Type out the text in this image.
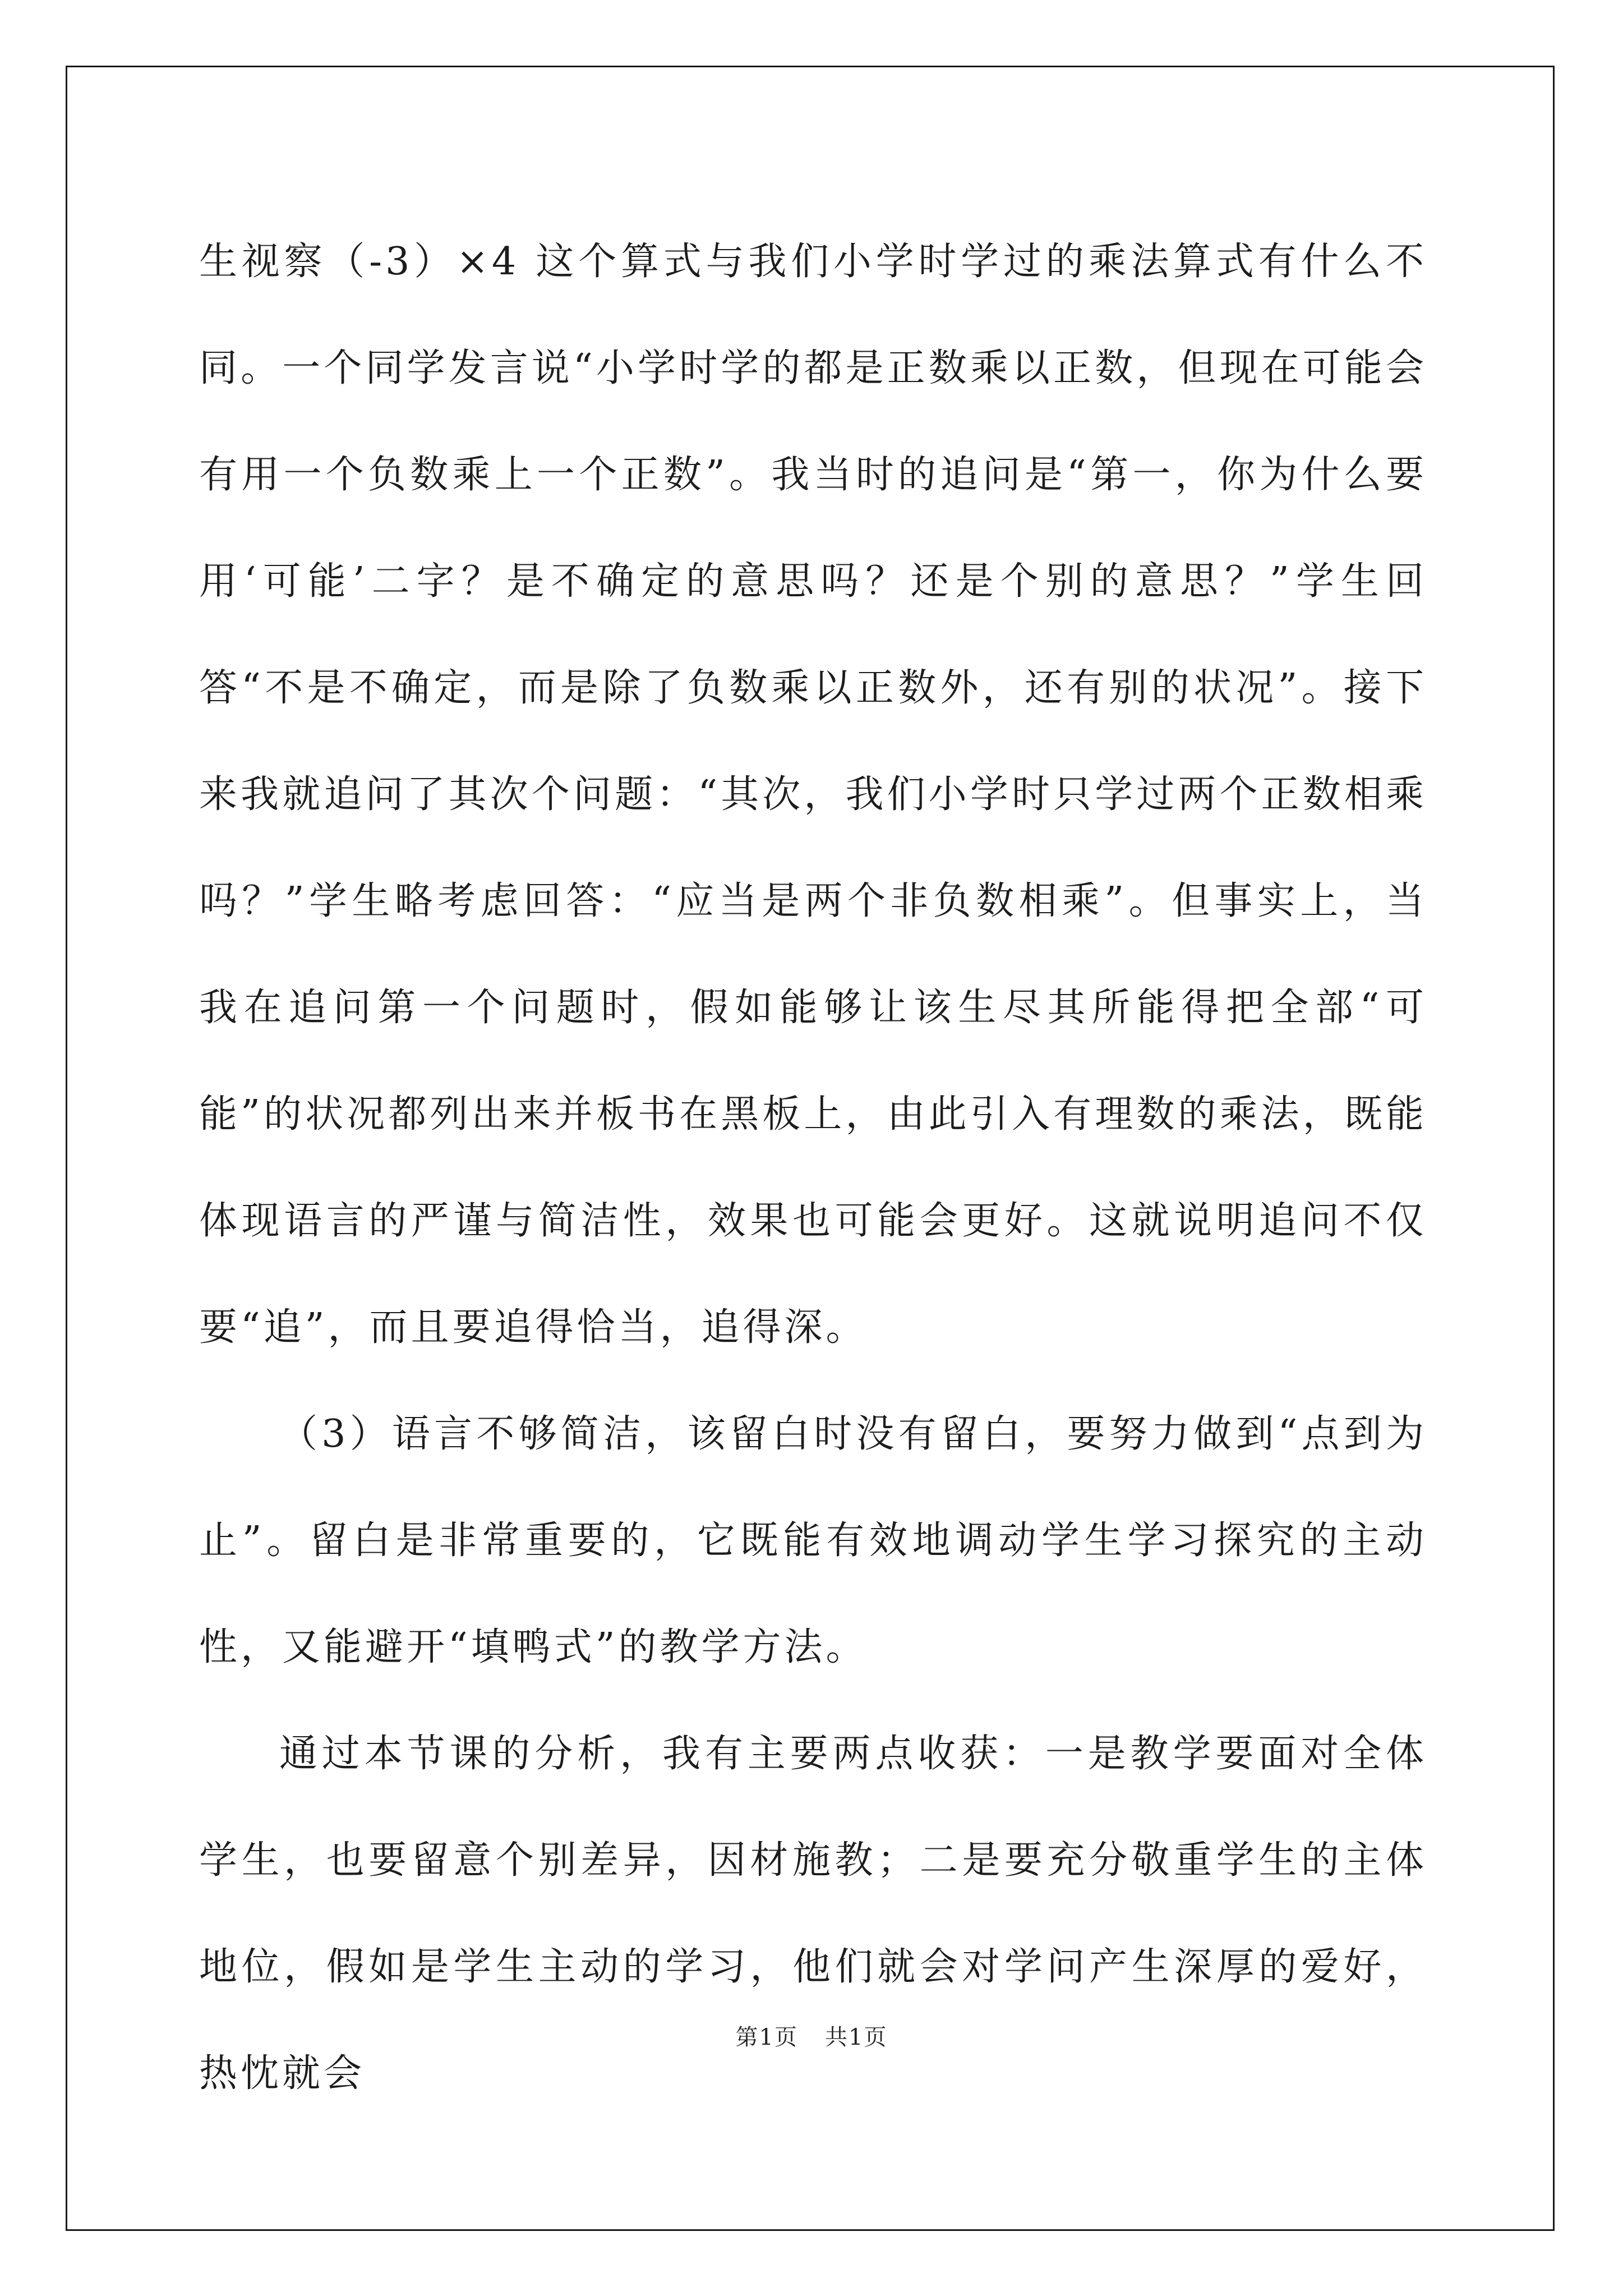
生视察（-3）×4 这个算式与我们小学时学过的乘法算式有什么不同。一个同学发言说“小学时学的都是正数乘以正数，但现在可能会有用一个负数乘上一个正数”。我当时的追问是“第一，你为什么要用‘可能’二字？是不确定的意思吗？还是个别的意思？”学生回答“不是不确定，而是除了负数乘以正数外，还有别的状况”。接下来我就追问了其次个问题：“其次，我们小学时只学过两个正数相乘吗？”学生略考虑回答：“应当是两个非负数相乘”。但事实上，当我在追问第一个问题时，假如能够让该生尽其所能得把全部“可能”的状况都列出来并板书在黑板上，由此引入有理数的乘法，既能体现语言的严谨与简洁性，效果也可能会更好。这就说明追问不仅要“追”，而且要追得恰当，追得深。

（3）语言不够简洁，该留白时没有留白，要努力做到“点到为止”。留白是非常重要的，它既能有效地调动学生学习探究的主动性，又能避开“填鸭式”的教学方法。

通过本节课的分析，我有主要两点收获：一是教学要面对全体学生，也要留意个别差异，因材施教；二是要充分敬重学生的主体地位，假如是学生主动的学习，他们就会对学问产生深厚的爱好，热忱就会

第1页 共1页
